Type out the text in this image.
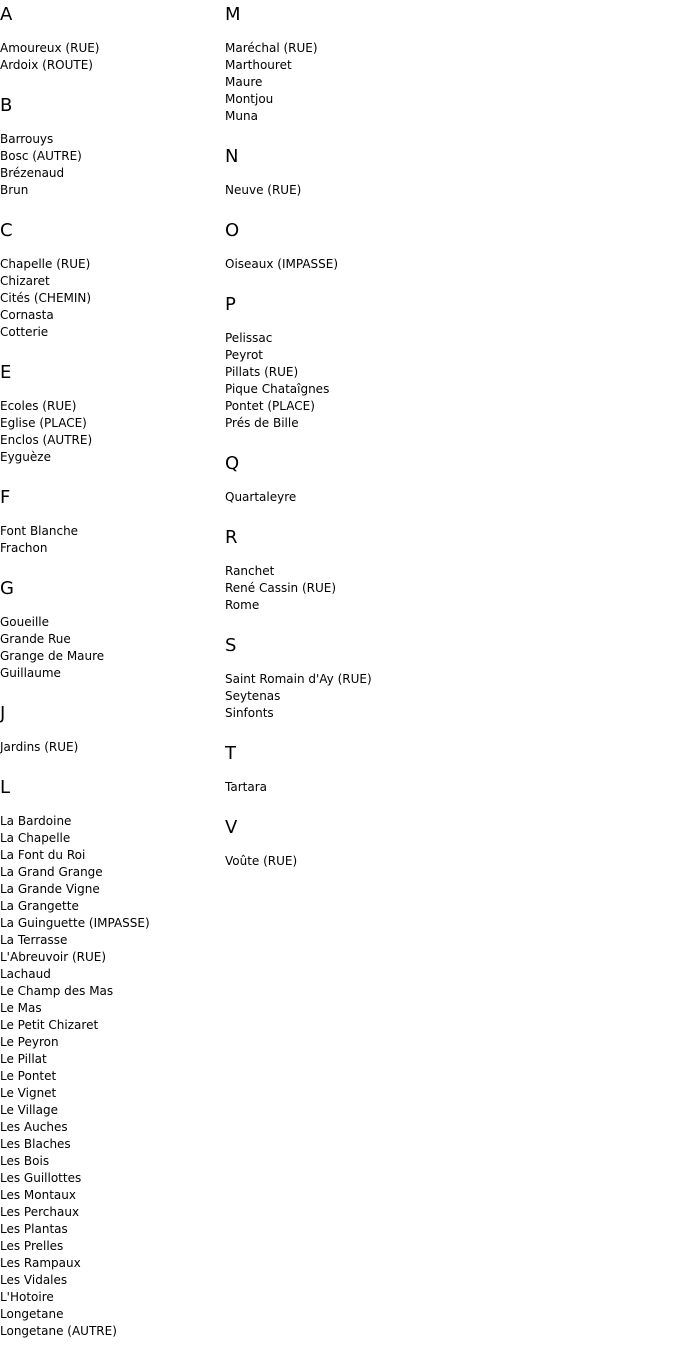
A
Amoureux (RUE)
Ardoix (ROUTE)
B
Barrouys
Bosc (AUTRE)
Brézenaud
Brun
C
Chapelle (RUE)
Chizaret
Cités (CHEMIN)
Cornasta
Cotterie
E
Ecoles (RUE)
Eglise (PLACE)
Enclos (AUTRE)
Eyguèze
F
Font Blanche
Frachon
G
Goueille
Grande Rue
Grange de Maure
Guillaume
J
Jardins (RUE)
L
La Bardoine
La Chapelle
La Font du Roi
La Grand Grange
La Grande Vigne
La Grangette
La Guinguette (IMPASSE)
La Terrasse
L'Abreuvoir (RUE)
Lachaud
Le Champ des Mas
Le Mas
Le Petit Chizaret
Le Peyron
Le Pillat
Le Pontet
Le Vignet
Le Village
Les Auches
Les Blaches
Les Bois
Les Guillottes
Les Montaux
Les Perchaux
Les Plantas
Les Prelles
Les Rampaux
Les Vidales
L'Hotoire
Longetane
Longetane (AUTRE)
M
Maréchal (RUE)
Marthouret
Maure
Montjou
Muna
N
Neuve (RUE)
O
Oiseaux (IMPASSE)
P
Pelissac
Peyrot
Pillats (RUE)
Pique Chataîgnes
Pontet (PLACE)
Prés de Bille
Q
Quartaleyre
R
Ranchet
René Cassin (RUE)
Rome
S
Saint Romain d'Ay (RUE)
Seytenas
Sinfonts
T
Tartara
V
Voûte (RUE)
